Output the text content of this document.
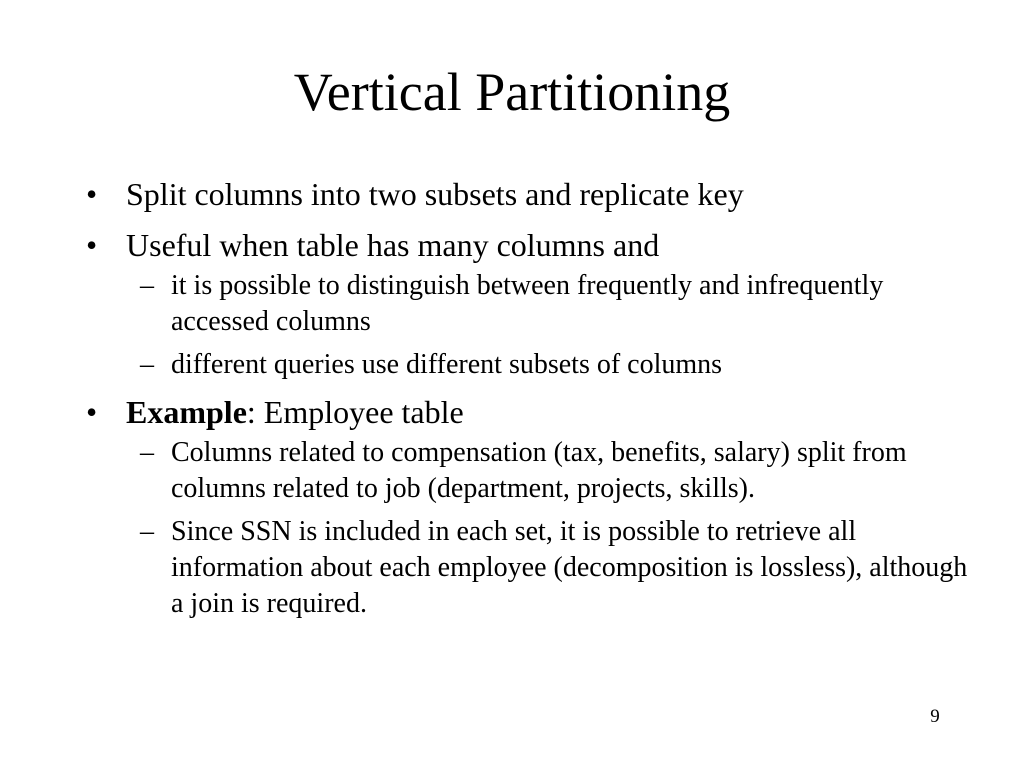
Vertical Partitioning
• Split columns into two subsets and replicate key
• Useful when table has many columns and
– it is possible to distinguish between frequently and infrequently accessed columns
– different queries use different subsets of columns
• Example: Employee table
– Columns related to compensation (tax, benefits, salary) split from columns related to job (department, projects, skills).
– Since SSN is included in each set, it is possible to retrieve all information about each employee (decomposition is lossless), although a join is required.
9
